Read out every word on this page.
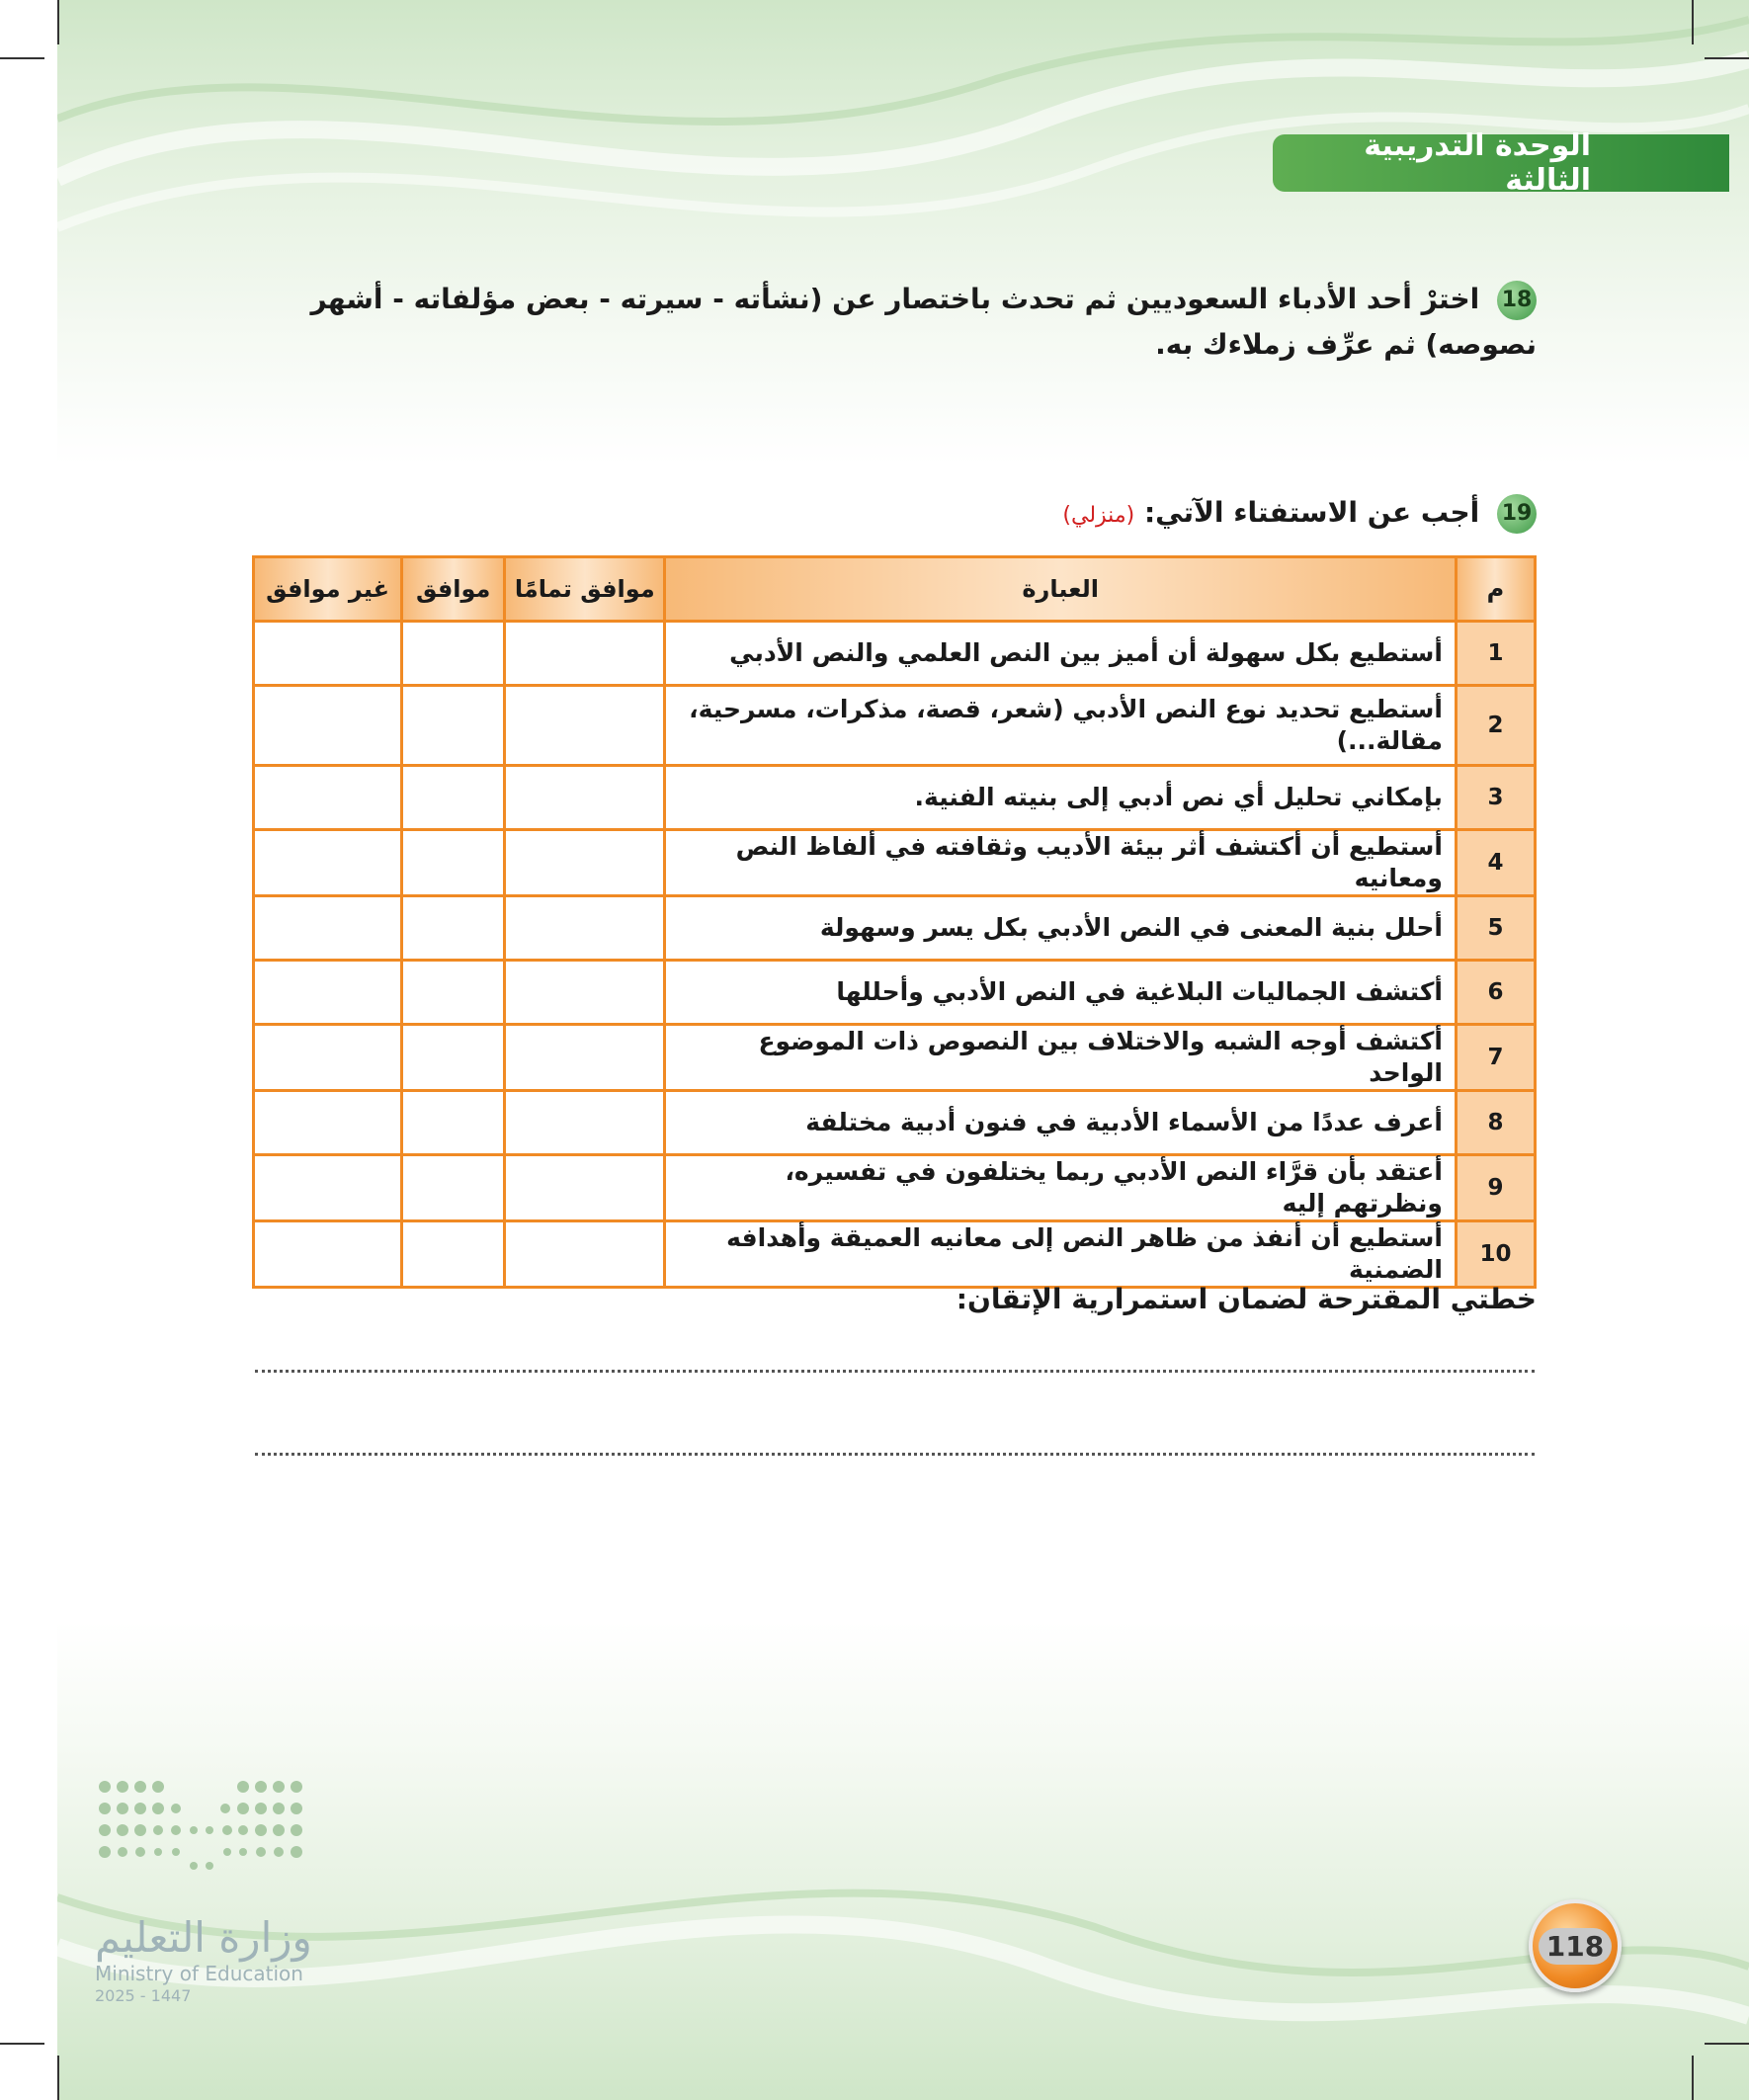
الوحدة التدريبية الثالثة
18 اخترْ أحد الأدباء السعوديين ثم تحدث باختصار عن (نشأته - سيرته - بعض مؤلفاته - أشهر نصوصه) ثم عرِّف زملاءك به.
19 أجب عن الاستفتاء الآتي: (منزلي)
م	العبارة	موافق تمامًا	موافق	غير موافق
1	أستطيع بكل سهولة أن أميز بين النص العلمي والنص الأدبي			
2	أستطيع تحديد نوع النص الأدبي (شعر، قصة، مذكرات، مسرحية، مقالة...)			
3	بإمكاني تحليل أي نص أدبي إلى بنيته الفنية.			
4	أستطيع أن أكتشف أثر بيئة الأديب وثقافته في ألفاظ النص ومعانيه			
5	أحلل بنية المعنى في النص الأدبي بكل يسر وسهولة			
6	أكتشف الجماليات البلاغية في النص الأدبي وأحللها			
7	أكتشف أوجه الشبه والاختلاف بين النصوص ذات الموضوع الواحد			
8	أعرف عددًا من الأسماء الأدبية في فنون أدبية مختلفة			
9	أعتقد بأن قرَّاء النص الأدبي ربما يختلفون في تفسيره، ونظرتهم إليه			
10	أستطيع أن أنفذ من ظاهر النص إلى معانيه العميقة وأهدافه الضمنية			
خطتي المقترحة لضمان استمرارية الإتقان:
وزارة التعليم
Ministry of Education
2025 - 1447
118
